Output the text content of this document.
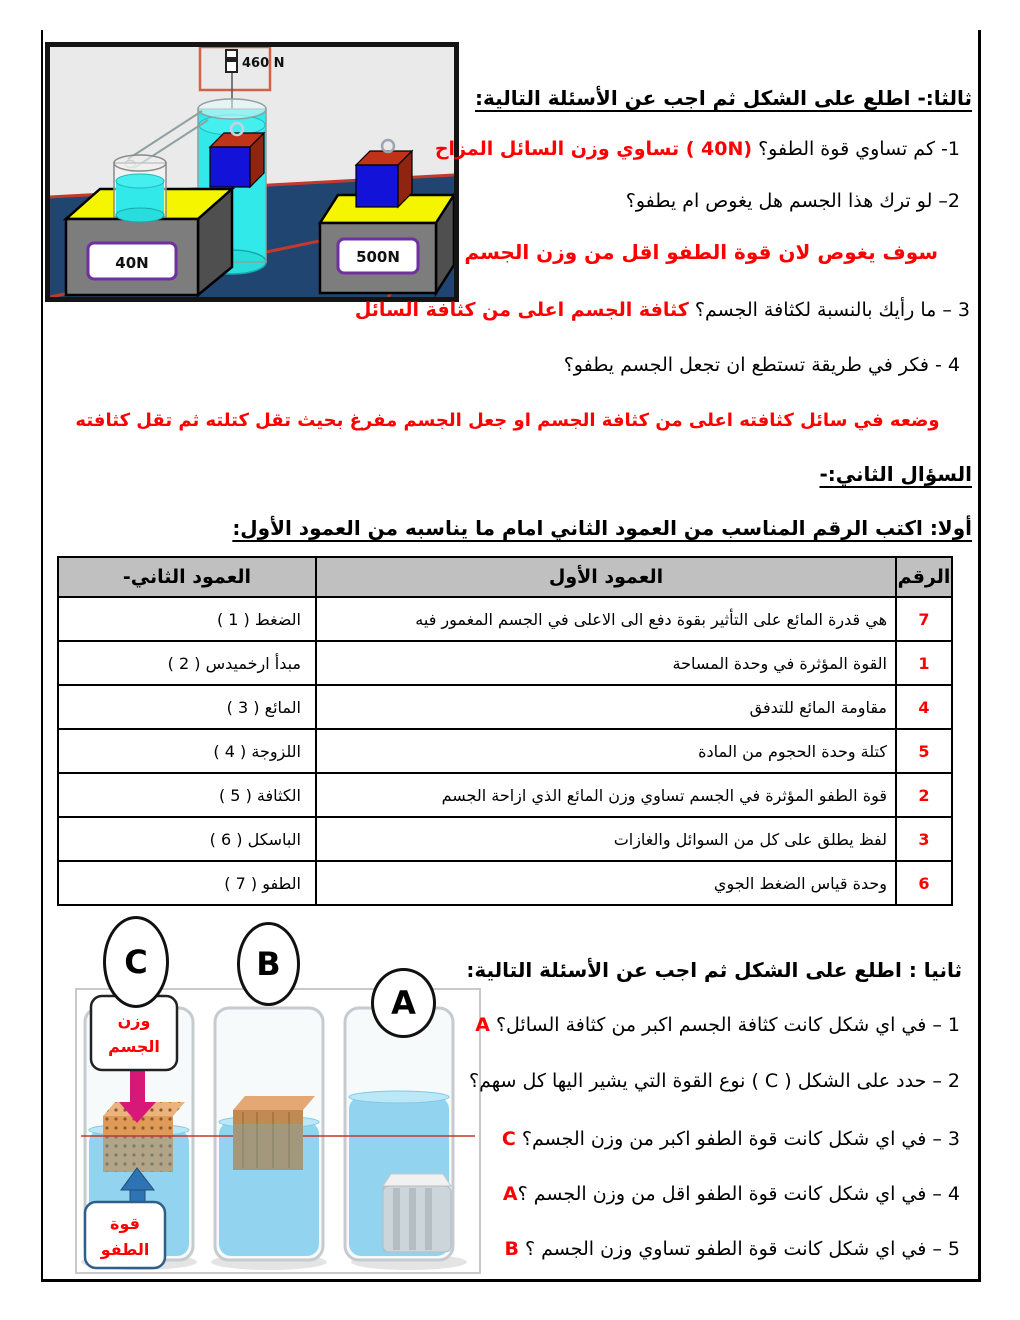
460 N
40N	500N
ثالثا:- اطلع على الشكل ثم اجب عن الأسئلة التالية:
1- كم تساوي قوة الطفو؟ ( 40N) تساوي وزن السائل المزاح
2– لو ترك هذا الجسم هل يغوص ام يطفو؟
سوف يغوص لان قوة الطفو اقل من وزن الجسم
3 – ما رأيك بالنسبة لكثافة الجسم؟ كثافة الجسم اعلى من كثافة السائل
4 - فكر في طريقة تستطع ان تجعل الجسم يطفو؟
وضعه في سائل كثافته اعلى من كثافة الجسم او جعل الجسم مفرغ بحيث تقل كتلته ثم تقل كثافته
السؤال الثاني:-
أولا: اكتب الرقم المناسب من العمود الثاني امام ما يناسبه من العمود الأول:
الرقم	العمود الأول	العمود الثاني-
7	هي قدرة المائع على التأثير بقوة دفع الى الاعلى في الجسم المغمور فيه	الضغط ( 1 )
1	القوة المؤثرة في وحدة المساحة	مبدأ ارخميدس ( 2 )
4	مقاومة المائع للتدفق	المائع ( 3 )
5	كتلة وحدة الحجوم من المادة	اللزوجة ( 4 )
2	قوة الطفو المؤثرة في الجسم تساوي وزن المائع الذي ازاحة الجسم	الكثافة ( 5 )
3	لفظ يطلق على كل من السوائل والغازات	الباسكل ( 6 )
6	وحدة قياس الضغط الجوي	الطفو ( 7 )
وزن
الجسم
قوة
الطفو
C	B
A
ثانيا : اطلع على الشكل ثم اجب عن الأسئلة التالية:
1 – في اي شكل كانت كثافة الجسم اكبر من كثافة السائل؟ A
2 – حدد على الشكل ( C ) نوع القوة التي يشير اليها كل سهم؟
3 – في اي شكل كانت قوة الطفو اكبر من وزن الجسم؟ C
4 – في اي شكل كانت قوة الطفو اقل من وزن الجسم ؟A
5 – في اي شكل كانت قوة الطفو تساوي وزن الجسم ؟ B
